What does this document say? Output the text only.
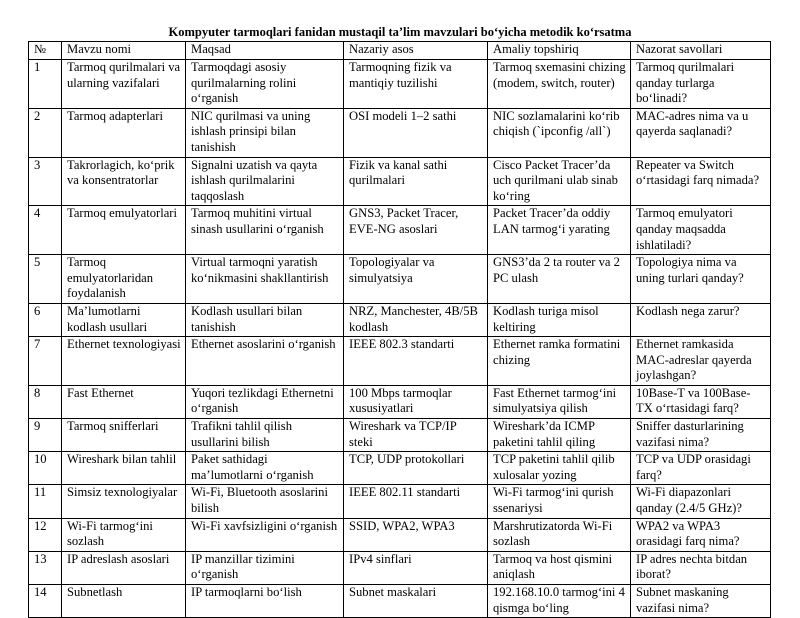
Kompyuter tarmoqlari fanidan mustaqil ta’lim mavzulari bo‘yicha metodik ko‘rsatma
№	Mavzu nomi	Maqsad	Nazariy asos	Amaliy topshiriq	Nazorat savollari
1	Tarmoq qurilmalari va ularning vazifalari	Tarmoqdagi asosiy qurilmalarning rolini o‘rganish	Tarmoqning fizik va mantiqiy tuzilishi	Tarmoq sxemasini chizing (modem, switch, router)	Tarmoq qurilmalari qanday turlarga bo‘linadi?
2	Tarmoq adapterlari	NIC qurilmasi va uning ishlash prinsipi bilan tanishish	OSI modeli 1–2 sathi	NIC sozlamalarini ko‘rib chiqish (`ipconfig /all`)	MAC-adres nima va u qayerda saqlanadi?
3	Takrorlagich, ko‘prik va konsentratorlar	Signalni uzatish va qayta ishlash qurilmalarini taqqoslash	Fizik va kanal sathi qurilmalari	Cisco Packet Tracer’da uch qurilmani ulab sinab ko‘ring	Repeater va Switch o‘rtasidagi farq nimada?
4	Tarmoq emulyatorlari	Tarmoq muhitini virtual sinash usullarini o‘rganish	GNS3, Packet Tracer, EVE-NG asoslari	Packet Tracer’da oddiy LAN tarmog‘i yarating	Tarmoq emulyatori qanday maqsadda ishlatiladi?
5	Tarmoq emulyatorlaridan foydalanish	Virtual tarmoqni yaratish ko‘nikmasini shakllantirish	Topologiyalar va simulyatsiya	GNS3’da 2 ta router va 2 PC ulash	Topologiya nima va uning turlari qanday?
6	Ma’lumotlarni kodlash usullari	Kodlash usullari bilan tanishish	NRZ, Manchester, 4B/5B kodlash	Kodlash turiga misol keltiring	Kodlash nega zarur?
7	Ethernet texnologiyasi	Ethernet asoslarini o‘rganish	IEEE 802.3 standarti	Ethernet ramka formatini chizing	Ethernet ramkasida MAC-adreslar qayerda joylashgan?
8	Fast Ethernet	Yuqori tezlikdagi Ethernetni o‘rganish	100 Mbps tarmoqlar xususiyatlari	Fast Ethernet tarmog‘ini simulyatsiya qilish	10Base-T va 100Base-TX o‘rtasidagi farq?
9	Tarmoq snifferlari	Trafikni tahlil qilish usullarini bilish	Wireshark va TCP/IP steki	Wireshark’da ICMP paketini tahlil qiling	Sniffer dasturlarining vazifasi nima?
10	Wireshark bilan tahlil	Paket sathidagi ma’lumotlarni o‘rganish	TCP, UDP protokollari	TCP paketini tahlil qilib xulosalar yozing	TCP va UDP orasidagi farq?
11	Simsiz texnologiyalar	Wi-Fi, Bluetooth asoslarini bilish	IEEE 802.11 standarti	Wi-Fi tarmog‘ini qurish ssenariysi	Wi-Fi diapazonlari qanday (2.4/5 GHz)?
12	Wi-Fi tarmog‘ini sozlash	Wi-Fi xavfsizligini o‘rganish	SSID, WPA2, WPA3	Marshrutizatorda Wi-Fi sozlash	WPA2 va WPA3 orasidagi farq nima?
13	IP adreslash asoslari	IP manzillar tizimini o‘rganish	IPv4 sinflari	Tarmoq va host qismini aniqlash	IP adres nechta bitdan iborat?
14	Subnetlash	IP tarmoqlarni bo‘lish	Subnet maskalari	192.168.10.0 tarmog‘ini 4 qismga bo‘ling	Subnet maskaning vazifasi nima?
